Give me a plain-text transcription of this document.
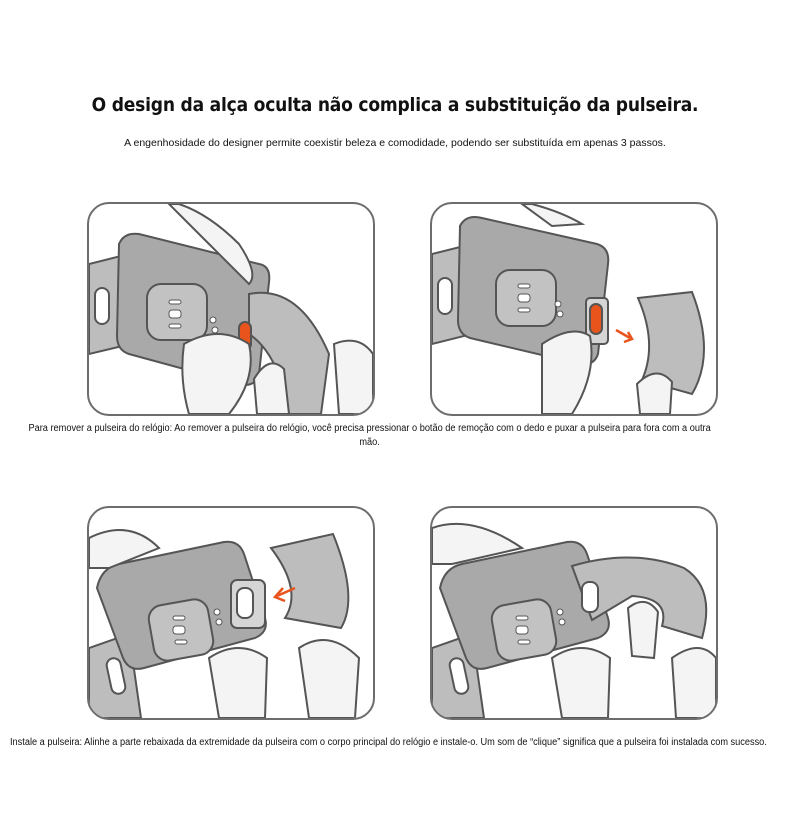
O design da alça oculta não complica a substituição da pulseira.
A engenhosidade do designer permite coexistir beleza e comodidade, podendo ser substituída em apenas 3 passos.
Para remover a pulseira do relógio: Ao remover a pulseira do relógio, você precisa pressionar o botão de remoção com o dedo e puxar a pulseira para fora com a outra mão.
Instale a pulseira: Alinhe a parte rebaixada da extremidade da pulseira com o corpo principal do relógio e instale-o. Um som de “clique” significa que a pulseira foi instalada com sucesso.
